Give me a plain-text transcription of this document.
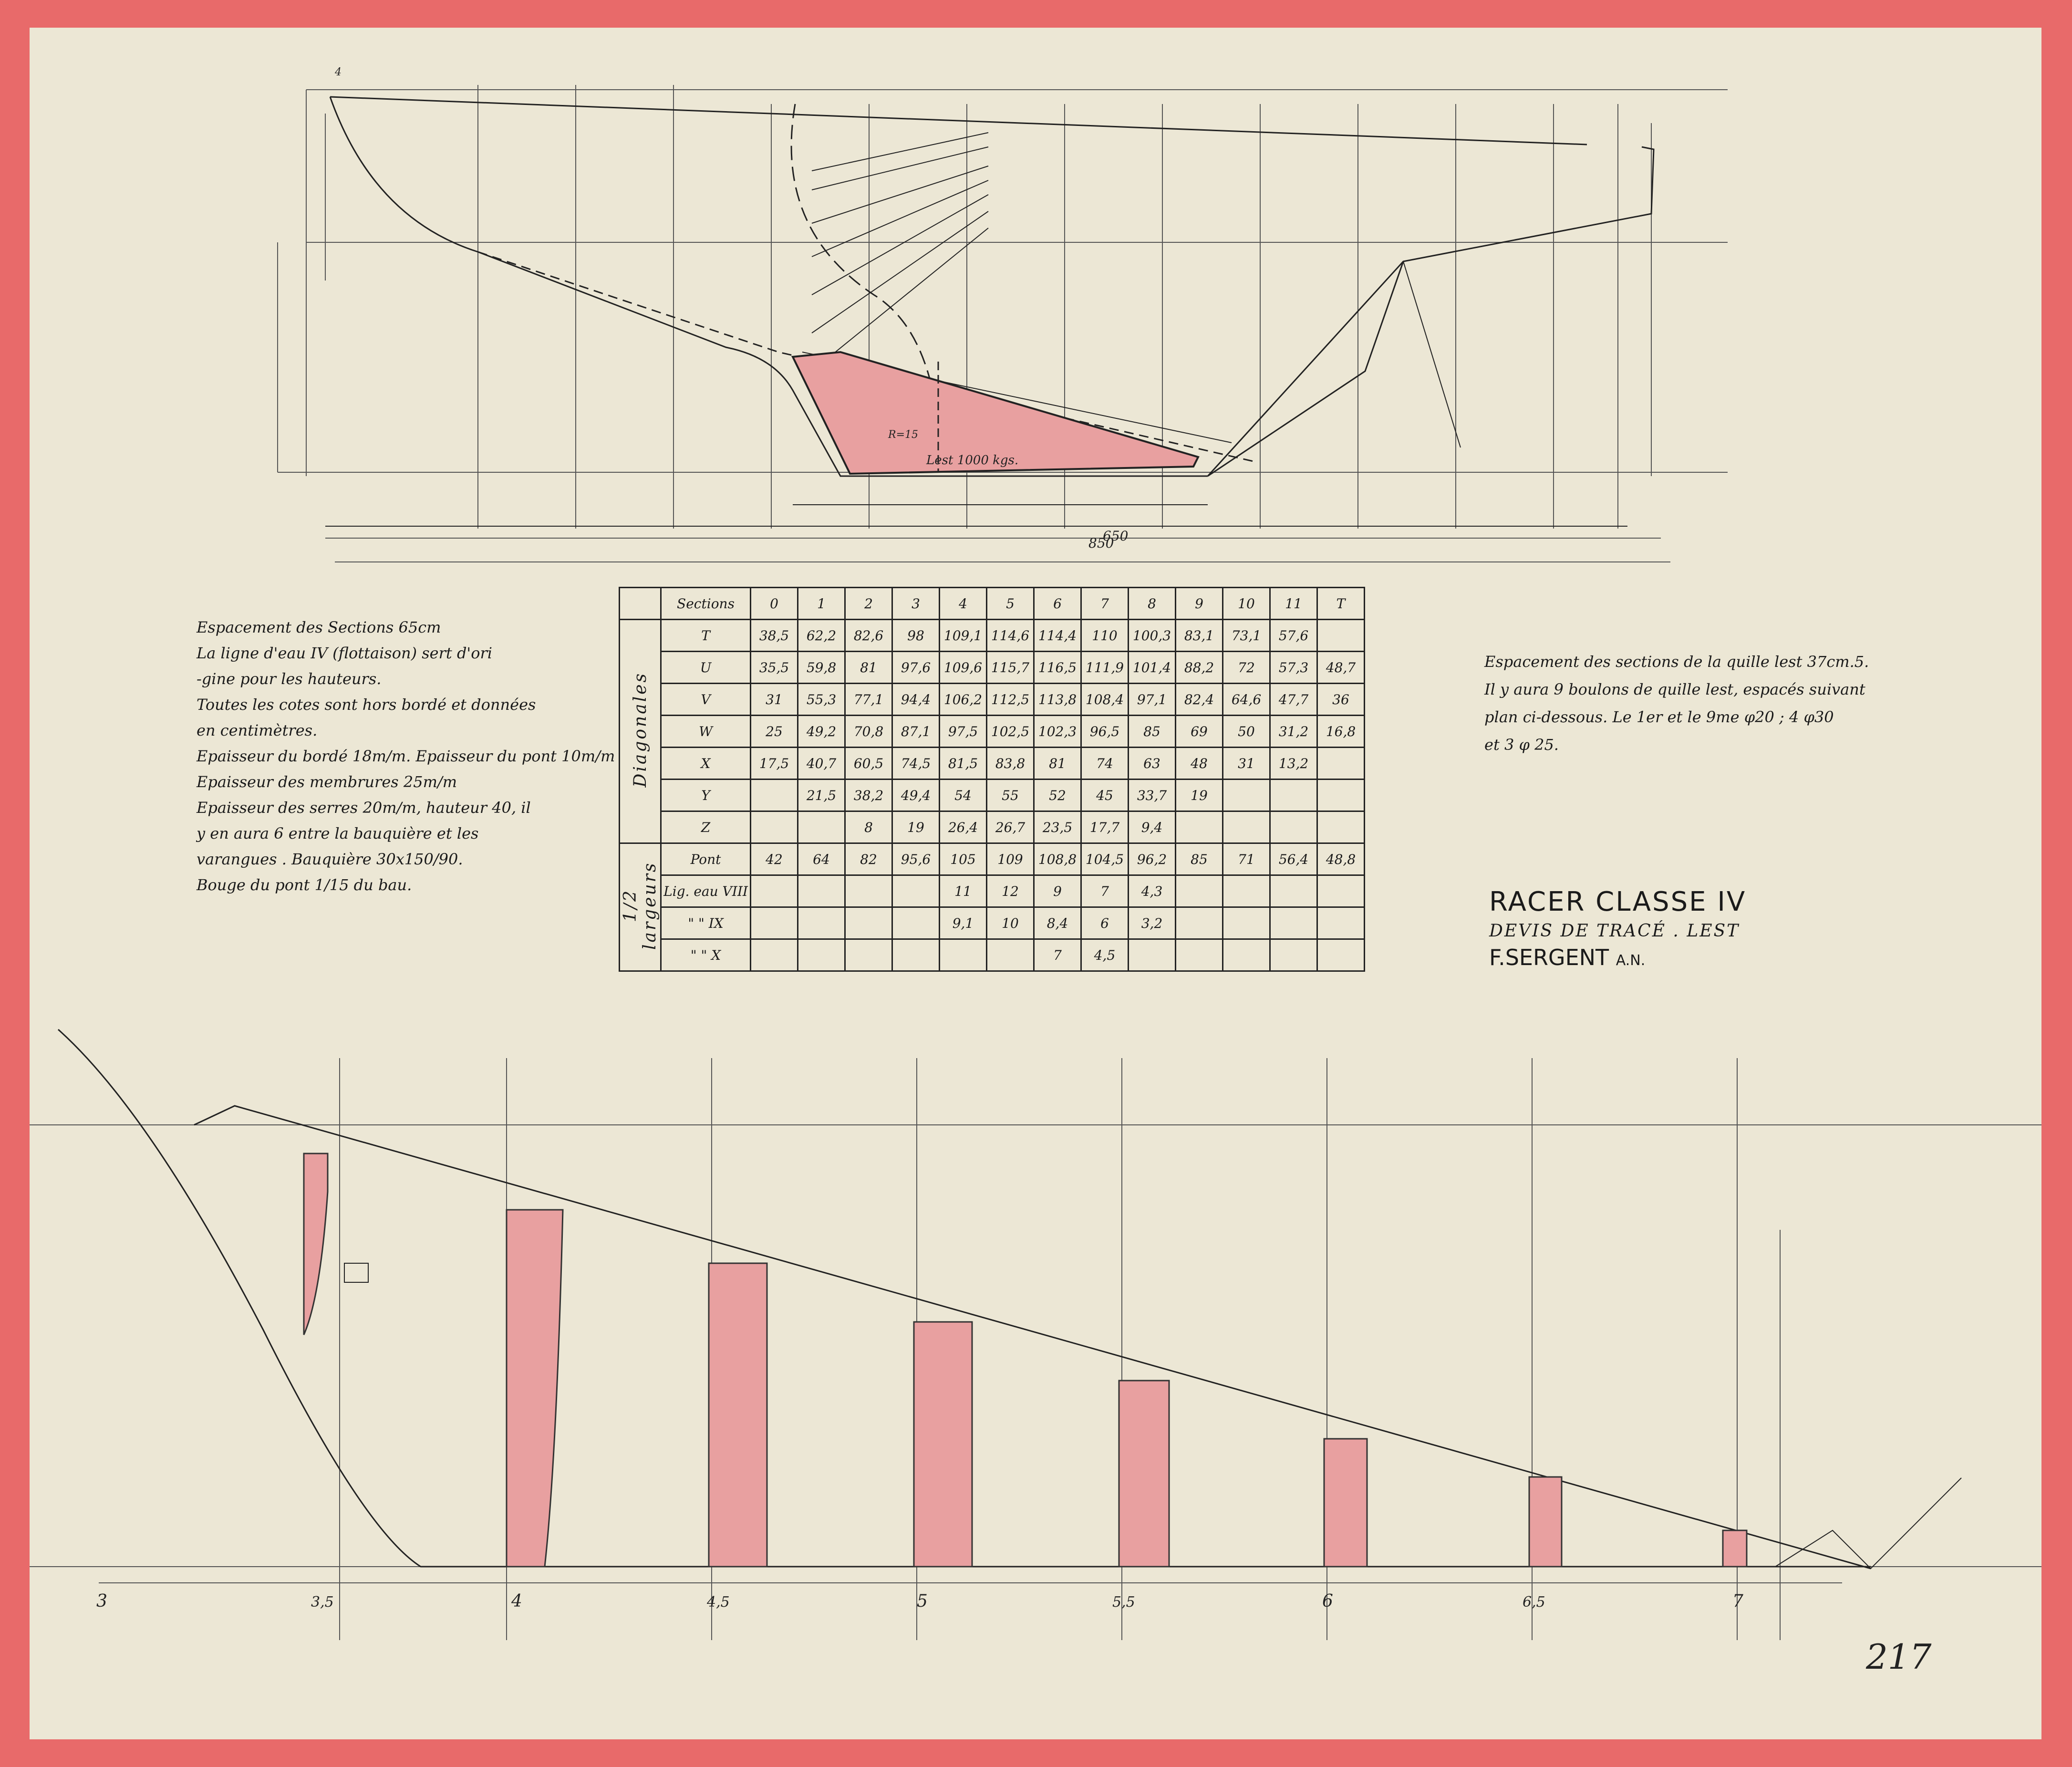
Lest 1000 kgs.
650
850
4
R=15
3	3,5	4	4,5	5	5,5	6	6,5	7
217
Espacement des Sections 65cm
La ligne d'eau IV (flottaison) sert d'ori
-gine pour les hauteurs.
Toutes les cotes sont hors bordé et données
en centimètres.
Epaisseur du bordé 18m/m. Epaisseur du pont 10m/m
Epaisseur des membrures 25m/m
Epaisseur des serres 20m/m, hauteur 40, il
y en aura 6 entre la bauquière et les
varangues . Bauquière 30x150/90.
Bouge du pont 1/15 du bau.
Espacement des sections de la quille lest 37cm.5.
Il y aura 9 boulons de quille lest, espacés suivant
plan ci-dessous. Le 1er et le 9me φ20 ; 4 φ30
et 3 φ 25.
RACER CLASSE IV
DEVIS DE TRACÉ . LEST
F.SERGENT A.N.
	Sections	0	1	2	3	4	5	6	7	8	9	10	11	T
Diagonales	T	38,5	62,2	82,6	98	109,1	114,6	114,4	110	100,3	83,1	73,1	57,6	
	U	35,5	59,8	81	97,6	109,6	115,7	116,5	111,9	101,4	88,2	72	57,3	48,7
	V	31	55,3	77,1	94,4	106,2	112,5	113,8	108,4	97,1	82,4	64,6	47,7	36
	W	25	49,2	70,8	87,1	97,5	102,5	102,3	96,5	85	69	50	31,2	16,8
	X	17,5	40,7	60,5	74,5	81,5	83,8	81	74	63	48	31	13,2	
	Y		21,5	38,2	49,4	54	55	52	45	33,7	19			
	Z			8	19	26,4	26,7	23,5	17,7	9,4				
1/2 largeurs	Pont	42	64	82	95,6	105	109	108,8	104,5	96,2	85	71	56,4	48,8
	Lig. eau VIII					11	12	9	7	4,3				
	" " IX					9,1	10	8,4	6	3,2				
	" " X							7	4,5					
